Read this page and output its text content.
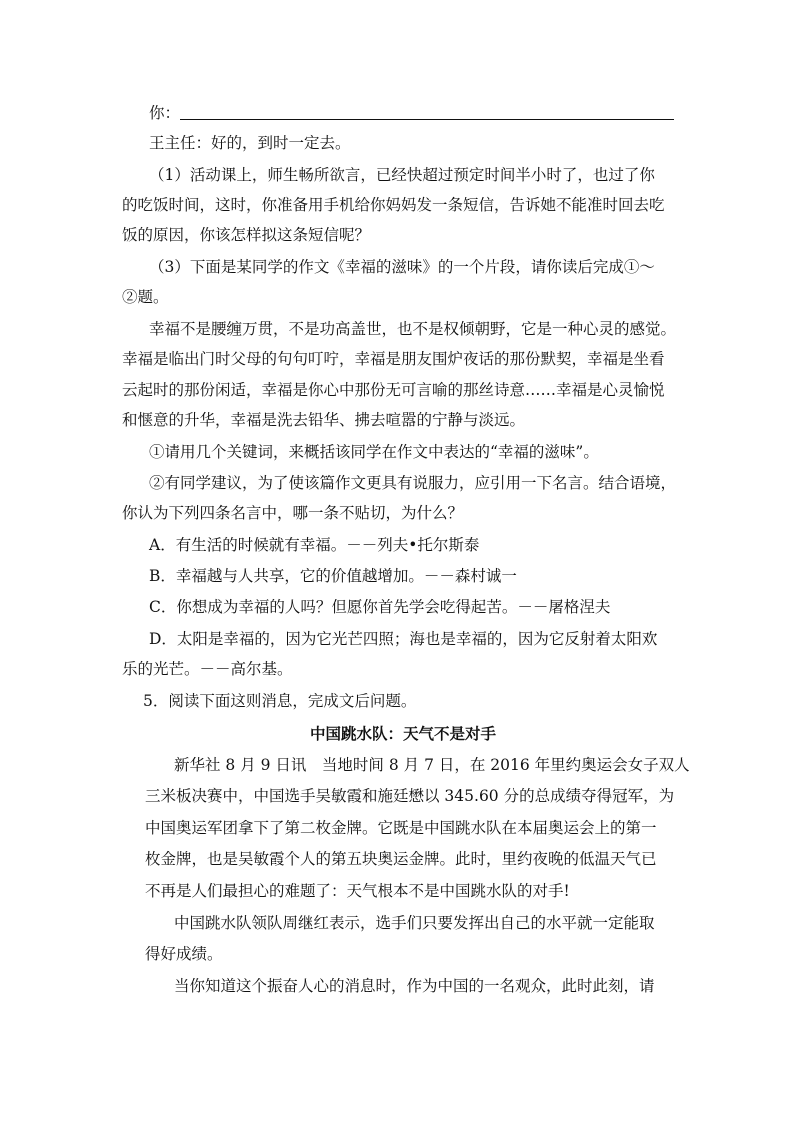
你：
王主任：好的，到时一定去。
（1）活动课上，师生畅所欲言，已经快超过预定时间半小时了，也过了你
的吃饭时间，这时，你准备用手机给你妈妈发一条短信，告诉她不能准时回去吃
饭的原因，你该怎样拟这条短信呢？
（3）下面是某同学的作文《幸福的滋味》的一个片段，请你读后完成①～
②题。
幸福不是腰缠万贯，不是功高盖世，也不是权倾朝野，它是一种心灵的感觉。
幸福是临出门时父母的句句叮咛，幸福是朋友围炉夜话的那份默契，幸福是坐看
云起时的那份闲适，幸福是你心中那份无可言喻的那丝诗意……幸福是心灵愉悦
和惬意的升华，幸福是洗去铅华、拂去喧嚣的宁静与淡远。
①请用几个关键词，来概括该同学在作文中表达的“幸福的滋味”。
②有同学建议，为了使该篇作文更具有说服力，应引用一下名言。结合语境，
你认为下列四条名言中，哪一条不贴切，为什么？
A．有生活的时候就有幸福。－－列夫•托尔斯泰
B．幸福越与人共享，它的价值越增加。－－森村诚一
C．你想成为幸福的人吗？但愿你首先学会吃得起苦。－－屠格涅夫
D．太阳是幸福的，因为它光芒四照；海也是幸福的，因为它反射着太阳欢
乐的光芒。－－高尔基。
5．阅读下面这则消息，完成文后问题。
中国跳水队：天气不是对手
新华社 8 月 9 日讯　当地时间 8 月 7 日，在 2016 年里约奥运会女子双人
三米板决赛中，中国选手吴敏霞和施廷懋以 345.60 分的总成绩夺得冠军，为
中国奥运军团拿下了第二枚金牌。它既是中国跳水队在本届奥运会上的第一
枚金牌，也是吴敏霞个人的第五块奥运金牌。此时，里约夜晚的低温天气已
不再是人们最担心的难题了：天气根本不是中国跳水队的对手!
中国跳水队领队周继红表示，选手们只要发挥出自己的水平就一定能取
得好成绩。
当你知道这个振奋人心的消息时，作为中国的一名观众，此时此刻，请
